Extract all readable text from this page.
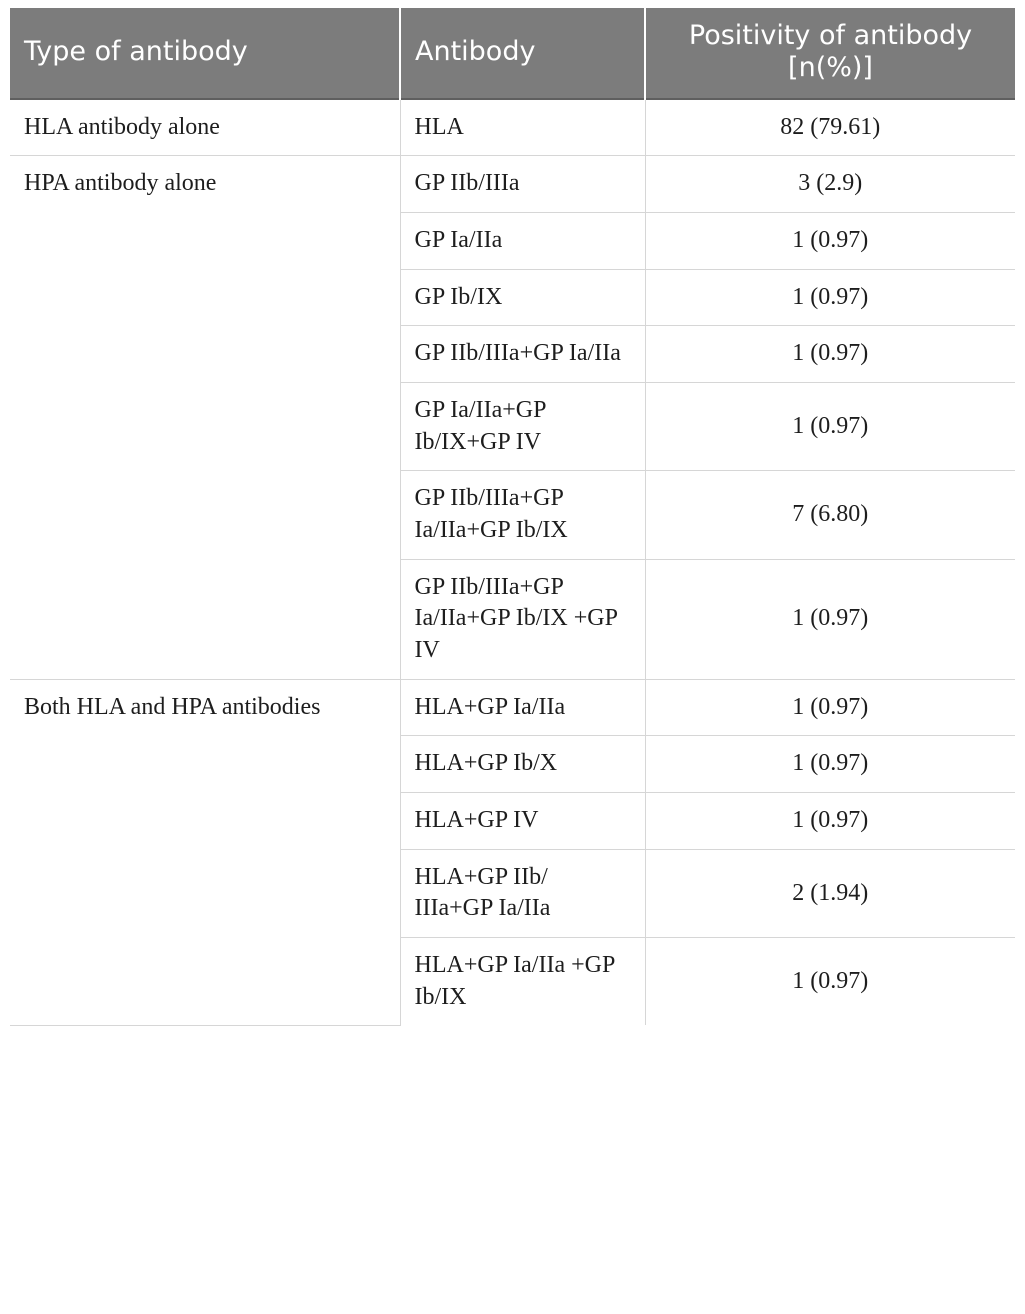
Type of antibody	Antibody	Positivity of antibody [n(%)]
HLA antibody alone	HLA	82 (79.61)
HPA antibody alone	GP IIb/IIIa	3 (2.9)
	GP Ia/IIa	1 (0.97)
	GP Ib/IX	1 (0.97)
	GP IIb/IIIa+GP Ia/IIa	1 (0.97)
	GP Ia/IIa+GP Ib/IX+GP IV	1 (0.97)
	GP IIb/IIIa+GP Ia/IIa+GP Ib/IX	7 (6.80)
	GP IIb/IIIa+GP Ia/IIa+GP Ib/IX +GP IV	1 (0.97)
Both HLA and HPA antibodies	HLA+GP Ia/IIa	1 (0.97)
	HLA+GP Ib/X	1 (0.97)
	HLA+GP IV	1 (0.97)
	HLA+GP IIb/ IIIa+GP Ia/IIa	2 (1.94)
	HLA+GP Ia/IIa +GP Ib/IX	1 (0.97)
